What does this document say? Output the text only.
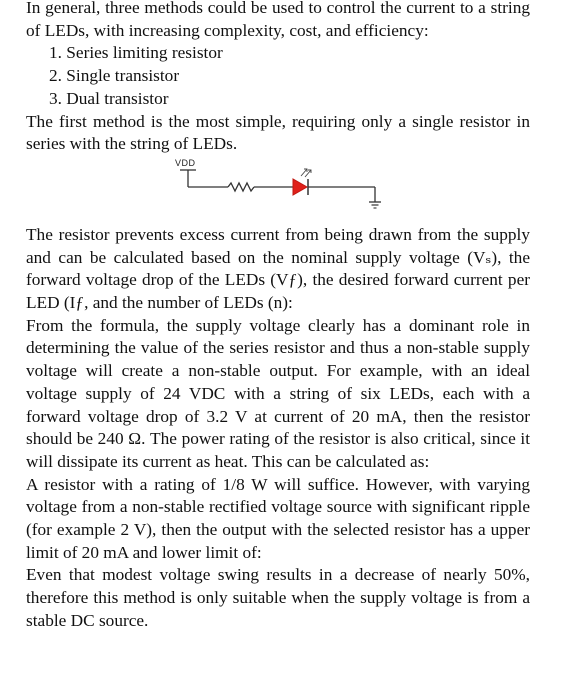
In general, three methods could be used to control the current to a string of LEDs, with increasing complexity, cost, and efficiency:

1. Series limiting resistor
2. Single transistor
3. Dual transistor

The first method is the most simple, requiring only a single resistor in series with the string of LEDs.

VDD

The resistor prevents excess current from being drawn from the supply and can be calculated based on the nominal supply voltage (Vₛ), the forward voltage drop of the LEDs (Vƒ), the desired forward current per LED (Iƒ, and the number of LEDs (n):

From the formula, the supply voltage clearly has a dominant role in determining the value of the series resistor and thus a non-stable supply voltage will create a non-stable output. For example, with an ideal voltage supply of 24 VDC with a string of six LEDs, each with a forward voltage drop of 3.2 V at current of 20 mA, then the resistor should be 240 Ω. The power rating of the resistor is also critical, since it will dissipate its current as heat. This can be calculated as:

A resistor with a rating of 1/8 W will suffice. However, with varying voltage from a non-stable rectified voltage source with significant ripple (for example 2 V), then the output with the selected resistor has a upper limit of 20 mA and lower limit of:

Even that modest voltage swing results in a decrease of nearly 50%, therefore this method is only suitable when the supply voltage is from a stable DC source.
